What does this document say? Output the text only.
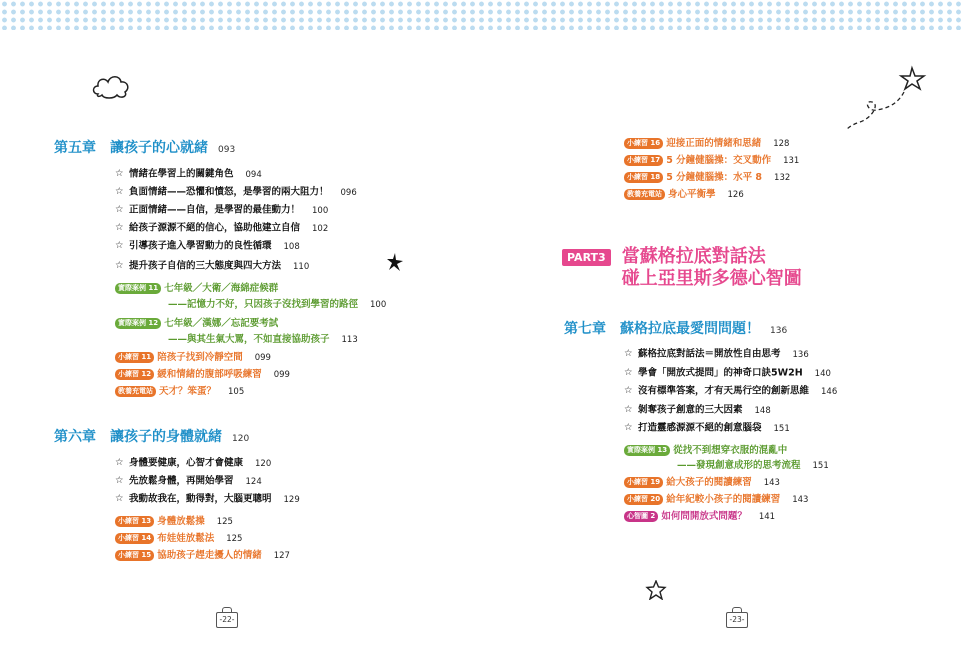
第五章 讓孩子的心就緒 093
☆ 情緒在學習上的關鍵角色 094
☆ 負面情緒——恐懼和憤怒，是學習的兩大阻力！ 096
☆ 正面情緒——自信，是學習的最佳動力！ 100
☆ 給孩子源源不絕的信心，協助他建立自信 102
☆ 引導孩子進入學習動力的良性循環 108
☆ 提升孩子自信的三大態度與四大方法 110
實際案例 11 七年級／大衛／海綿症候群
——記憶力不好，只因孩子沒找到學習的路徑 100
實際案例 12 七年級／漢娜／忘記要考試
——與其生氣大罵，不如直接協助孩子 113
小練習 11 陪孩子找到冷靜空間 099
小練習 12 緩和情緒的腹部呼吸練習 099
教養充電站 天才？笨蛋？ 105
第六章 讓孩子的身體就緒 120
☆ 身體要健康，心智才會健康 120
☆ 先放鬆身體，再開始學習 124
☆ 我動故我在，動得對，大腦更聰明 129
小練習 13 身體放鬆操 125
小練習 14 布娃娃放鬆法 125
小練習 15 協助孩子趕走擾人的情緒 127
-22-
小練習 16 迎接正面的情緒和思緒 128
小練習 17 5 分鐘健腦操：交叉動作 131
小練習 18 5 分鐘健腦操：水平 8 132
教養充電站 身心平衡學 126
PART3 當蘇格拉底對話法
碰上亞里斯多德心智圖
第七章 蘇格拉底最愛問問題！ 136
☆ 蘇格拉底對話法＝開放性自由思考 136
☆ 學會「開放式提問」的神奇口訣5W2H 140
☆ 沒有標準答案，才有天馬行空的創新思維 146
☆ 剝奪孩子創意的三大因素 148
☆ 打造靈感源源不絕的創意腦袋 151
實際案例 13 從找不到想穿衣服的混亂中
——發現創意成形的思考流程 151
小練習 19 給大孩子的閱讀練習 143
小練習 20 給年紀較小孩子的閱讀練習 143
心智圖 2 如何問開放式問題？ 141
-23-
